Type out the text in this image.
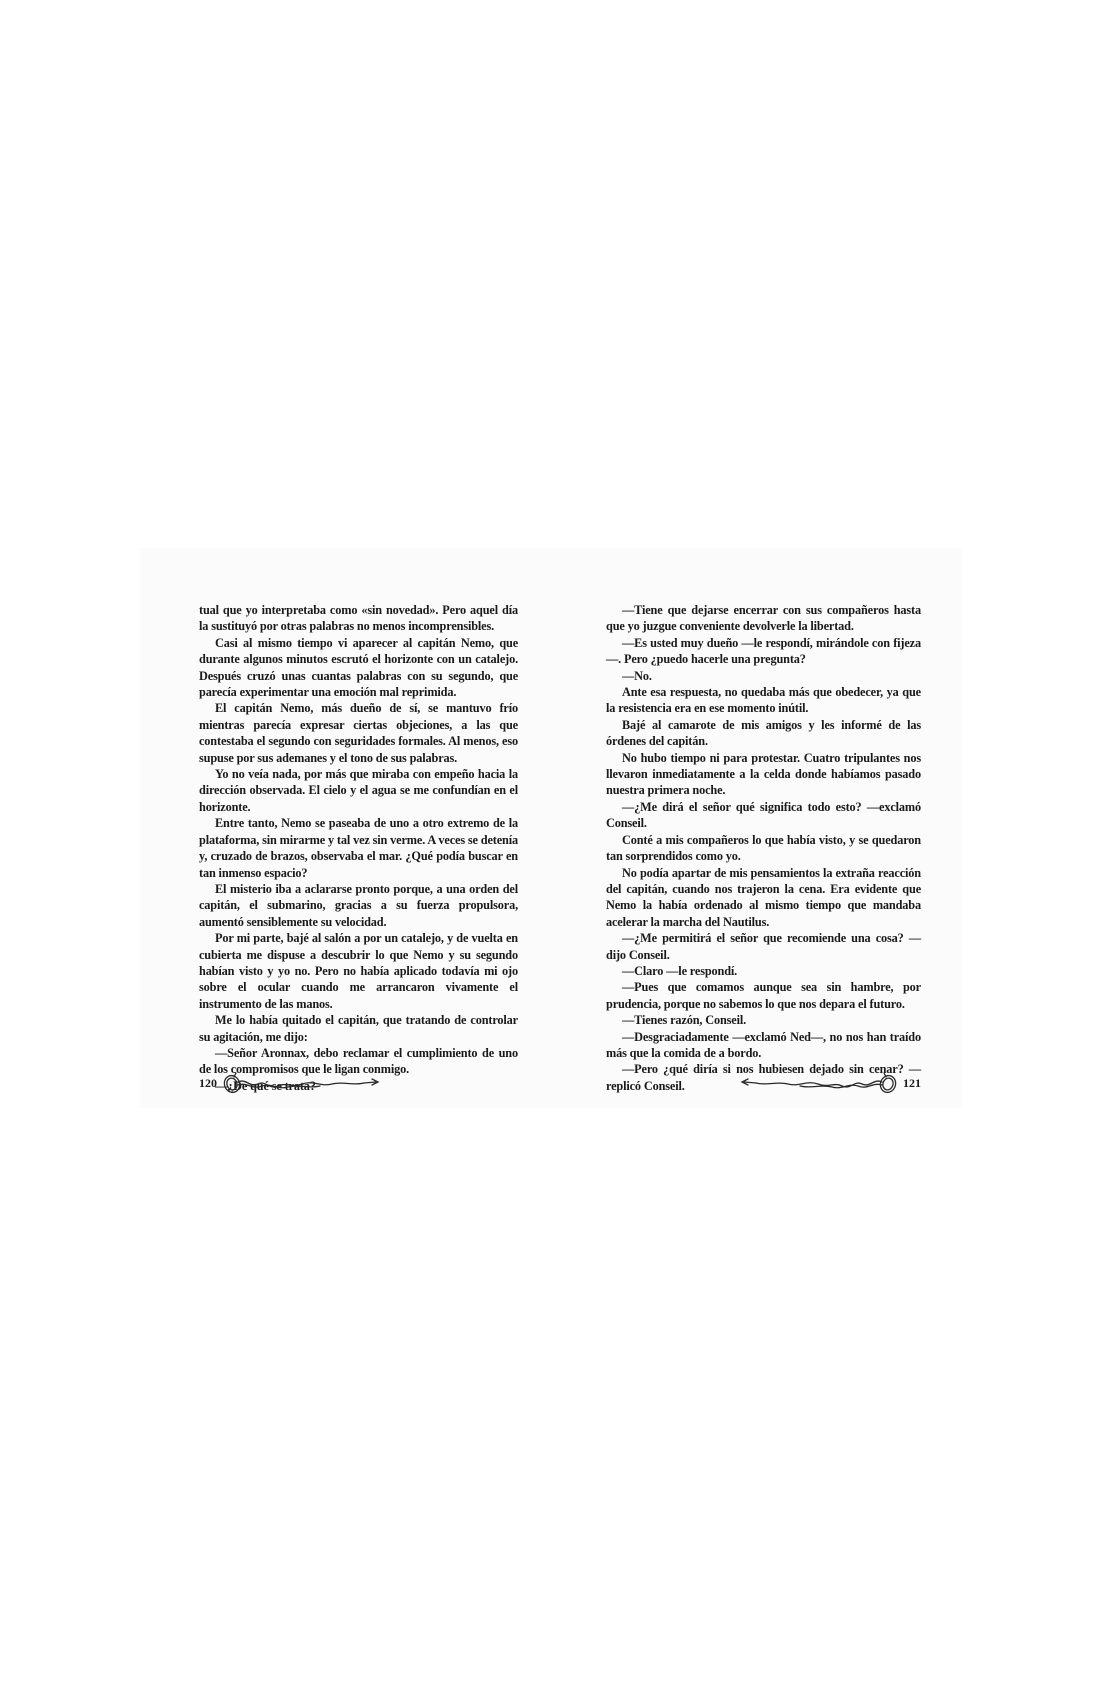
tual que yo interpretaba como «sin novedad». Pero aquel día la sustituyó por otras palabras no menos incomprensibles.

Casi al mismo tiempo vi aparecer al capitán Nemo, que durante algunos minutos escrutó el horizonte con un catalejo. Después cruzó unas cuantas palabras con su segundo, que parecía experimentar una emoción mal reprimida.

El capitán Nemo, más dueño de sí, se mantuvo frío mientras parecía expresar ciertas objeciones, a las que contestaba el segundo con seguridades formales. Al menos, eso supuse por sus ademanes y el tono de sus palabras.

Yo no veía nada, por más que miraba con empeño hacia la dirección observada. El cielo y el agua se me confundían en el horizonte.

Entre tanto, Nemo se paseaba de uno a otro extremo de la plataforma, sin mirarme y tal vez sin verme. A veces se detenía y, cruzado de brazos, observaba el mar. ¿Qué podía buscar en tan inmenso espacio?

El misterio iba a aclararse pronto porque, a una orden del capitán, el submarino, gracias a su fuerza propulsora, aumentó sensiblemente su velocidad.

Por mi parte, bajé al salón a por un catalejo, y de vuelta en cubierta me dispuse a descubrir lo que Nemo y su segundo habían visto y yo no. Pero no había aplicado todavía mi ojo sobre el ocular cuando me arrancaron vivamente el instrumento de las manos.

Me lo había quitado el capitán, que tratando de controlar su agitación, me dijo:

—Señor Aronnax, debo reclamar el cumplimiento de uno de los compromisos que le ligan conmigo.

—¿De qué se trata?

120

—Tiene que dejarse encerrar con sus compañeros hasta que yo juzgue conveniente devolverle la libertad.

—Es usted muy dueño —le respondí, mirándole con fijeza—. Pero ¿puedo hacerle una pregunta?

—No.

Ante esa respuesta, no quedaba más que obedecer, ya que la resistencia era en ese momento inútil.

Bajé al camarote de mis amigos y les informé de las órdenes del capitán.

No hubo tiempo ni para protestar. Cuatro tripulantes nos llevaron inmediatamente a la celda donde habíamos pasado nuestra primera noche.

—¿Me dirá el señor qué significa todo esto? —exclamó Conseil.

Conté a mis compañeros lo que había visto, y se quedaron tan sorprendidos como yo.

No podía apartar de mis pensamientos la extraña reacción del capitán, cuando nos trajeron la cena. Era evidente que Nemo la había ordenado al mismo tiempo que mandaba acelerar la marcha del Nautilus.

—¿Me permitirá el señor que recomiende una cosa? —dijo Conseil.

—Claro —le respondí.

—Pues que comamos aunque sea sin hambre, por prudencia, porque no sabemos lo que nos depara el futuro.

—Tienes razón, Conseil.

—Desgraciadamente —exclamó Ned—, no nos han traído más que la comida de a bordo.

—Pero ¿qué diría si nos hubiesen dejado sin cenar? —replicó Conseil.	121
